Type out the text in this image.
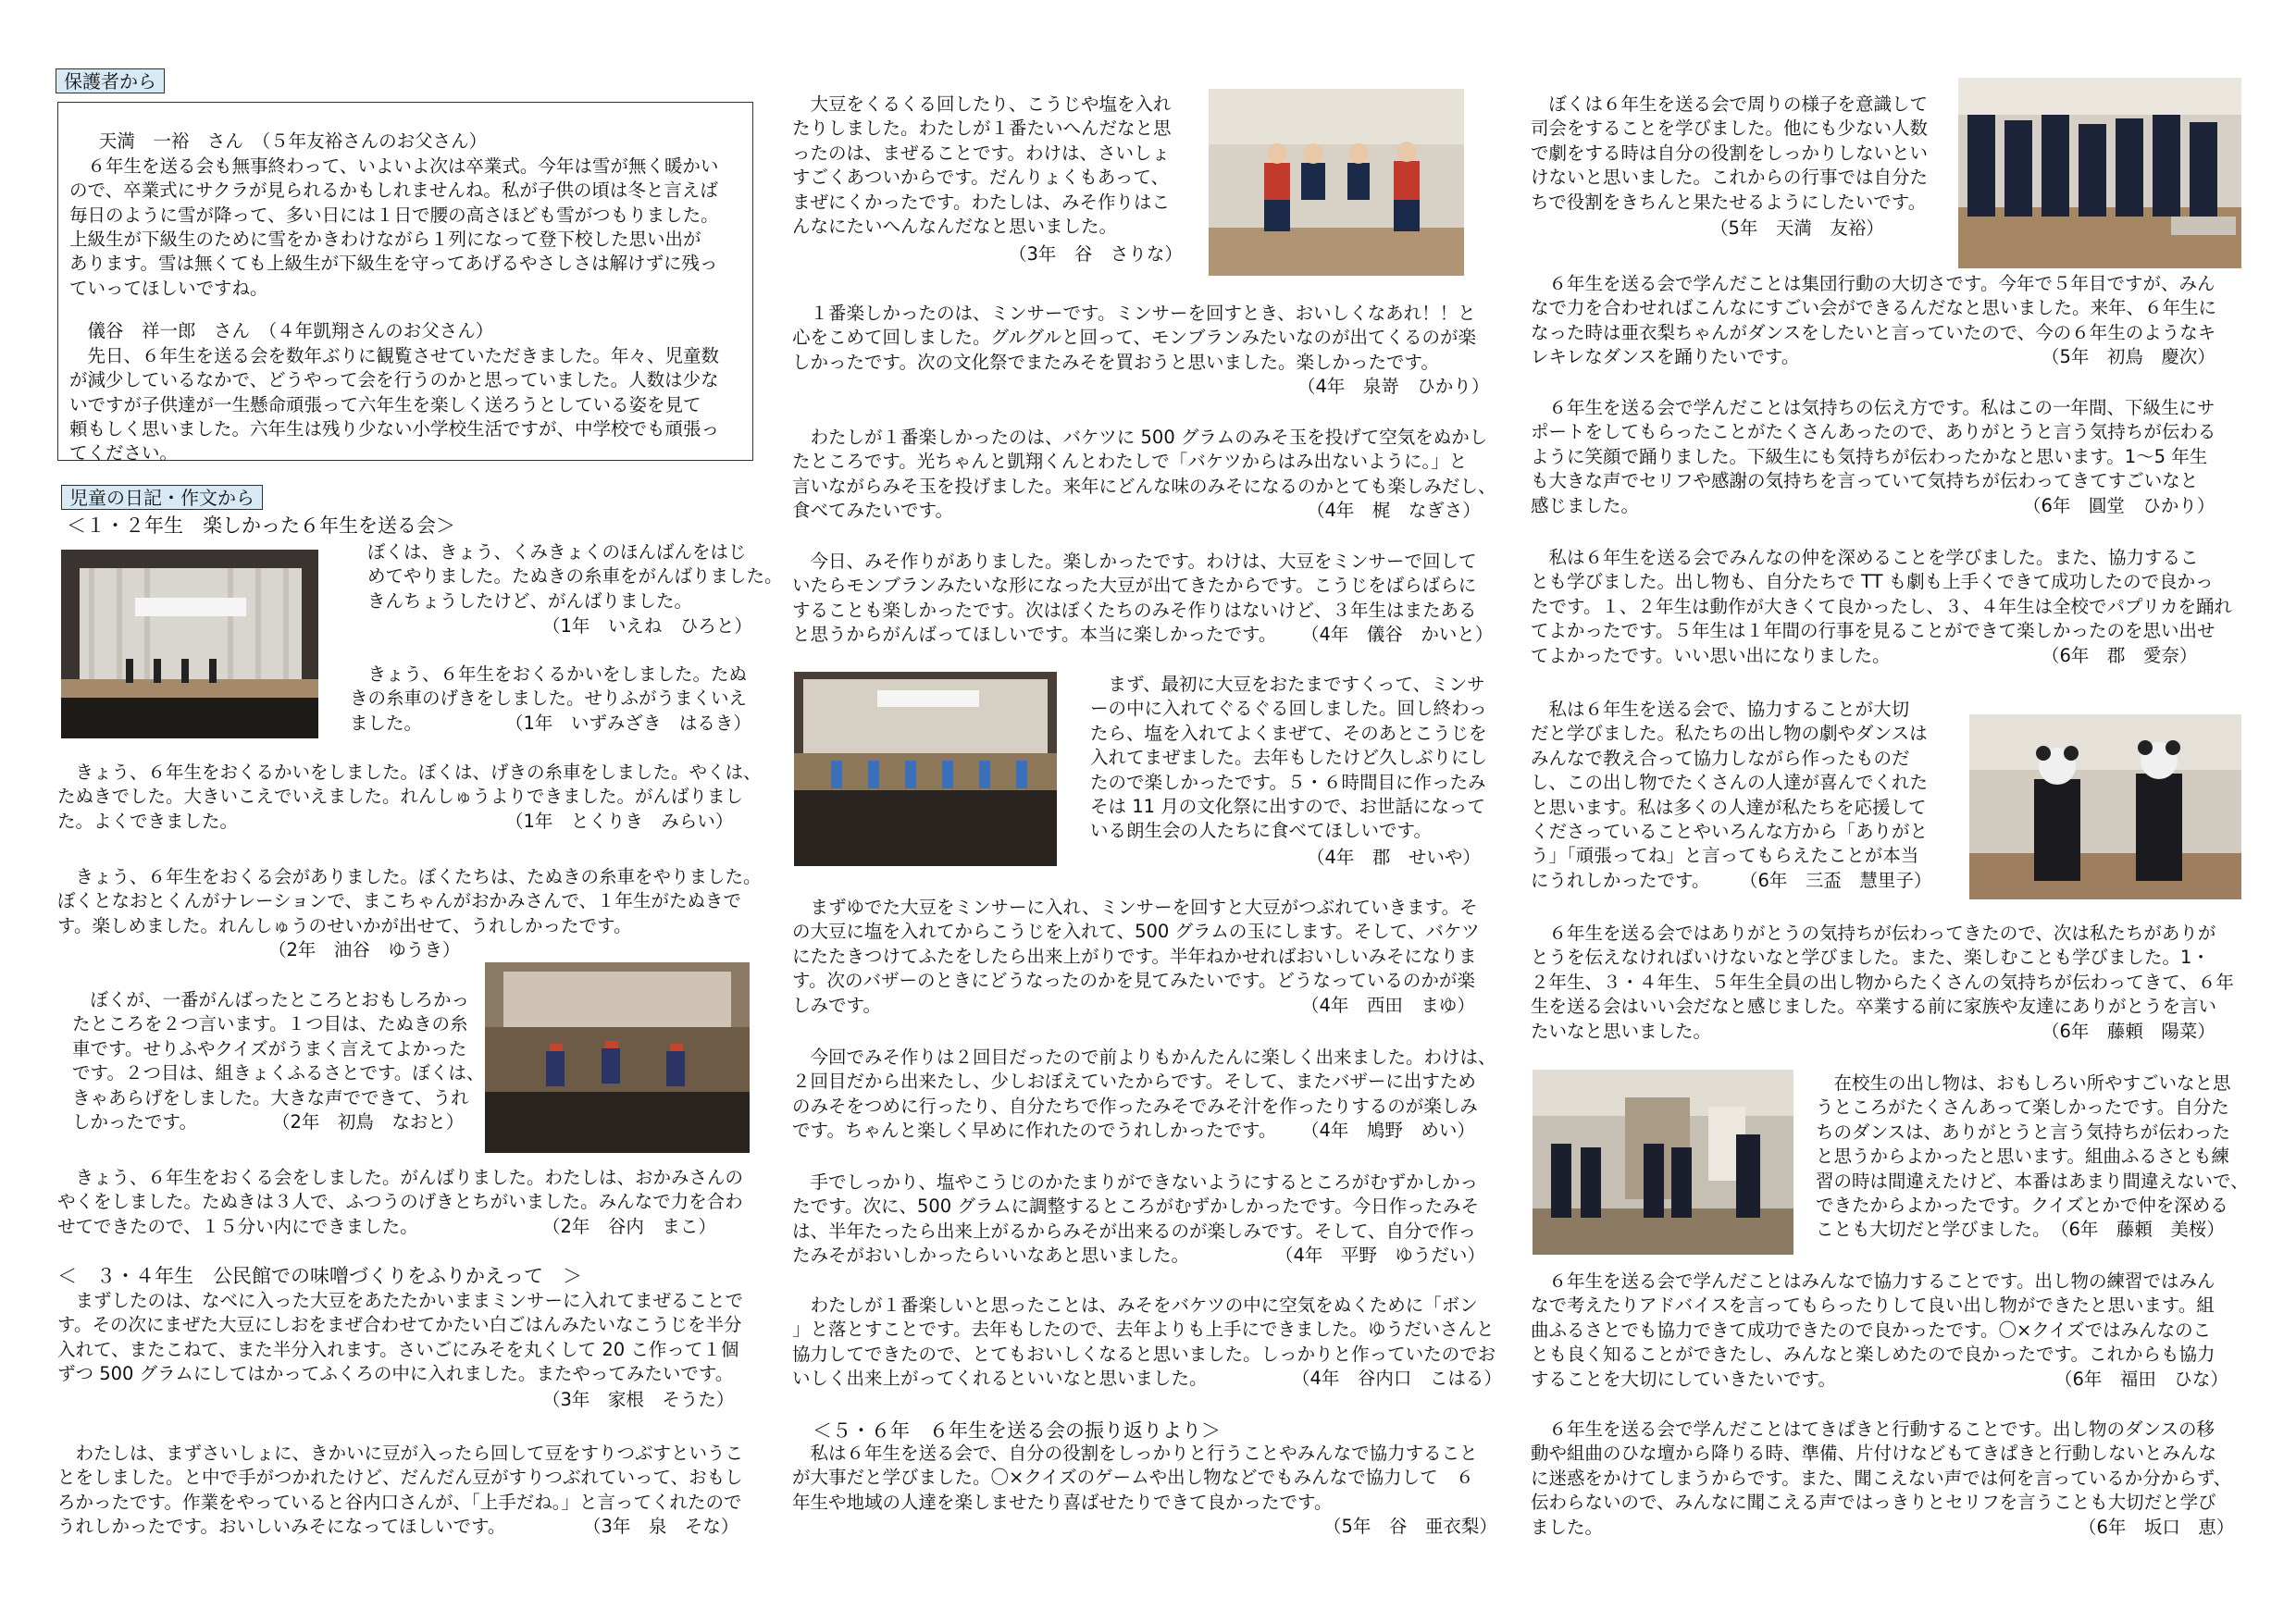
保護者から

　天満　一裕　さん　（５年友裕さんのお父さん）
　６年生を送る会も無事終わって、いよいよ次は卒業式。今年は雪が無く暖かい
ので、卒業式にサクラが見られるかもしれませんね。私が子供の頃は冬と言えば
毎日のように雪が降って、多い日には１日で腰の高さほども雪がつもりました。
上級生が下級生のために雪をかきわけながら１列になって登下校した思い出が
あります。雪は無くても上級生が下級生を守ってあげるやさしさは解けずに残っ
ていってほしいですね。

　儀谷　祥一郎　さん　（４年凱翔さんのお父さん）
　先日、６年生を送る会を数年ぶりに観覧させていただきました。年々、児童数
が減少しているなかで、どうやって会を行うのかと思っていました。人数は少な
いですが子供達が一生懸命頑張って六年生を楽しく送ろうとしている姿を見て
頼もしく思いました。六年生は残り少ない小学校生活ですが、中学校でも頑張っ
てください。

児童の日記・作文から
＜１・２年生　楽しかった６年生を送る会＞
ぼくは、きょう、くみきょくのほんばんをはじ
めてやりました。たぬきの糸車をがんばりました。
きんちょうしたけど、がんばりました。
（1年　いえね　ひろと）
　きょう、６年生をおくるかいをしました。たぬ
きの糸車のげきをしました。せりふがうまくいえ
ました。	（1年　いずみざき　はるき）
　きょう、６年生をおくるかいをしました。ぼくは、げきの糸車をしました。やくは、
たぬきでした。大きいこえでいえました。れんしゅうよりできました。がんばりまし
た。よくできました。	（1年　とくりき　みらい）
　きょう、６年生をおくる会がありました。ぼくたちは、たぬきの糸車をやりました。
ぼくとなおとくんがナレーションで、まこちゃんがおかみさんで、１年生がたぬきで
す。楽しめました。れんしゅうのせいかが出せて、うれしかったです。
（2年　油谷　ゆうき）
　ぼくが、一番がんばったところとおもしろかっ
たところを２つ言います。１つ目は、たぬきの糸
車です。せりふやクイズがうまく言えてよかった
です。２つ目は、組きょくふるさとです。ぼくは、
きゃあらげをしました。大きな声でできて、うれ
しかったです。	（2年　初鳥　なおと）
　きょう、６年生をおくる会をしました。がんばりました。わたしは、おかみさんの
やくをしました。たぬきは３人で、ふつうのげきとちがいました。みんなで力を合わ
せてできたので、１５分い内にできました。	（2年　谷内　まこ）
＜　３・４年生　公民館での味噌づくりをふりかえって　＞
　まずしたのは、なべに入った大豆をあたたかいままミンサーに入れてまぜることで
す。その次にまぜた大豆にしおをまぜ合わせてかたい白ごはんみたいなこうじを半分
入れて、またこねて、また半分入れます。さいごにみそを丸くして 20 こ作って１個
ずつ 500 グラムにしてはかってふくろの中に入れました。またやってみたいです。
（3年　家根　そうた）
　わたしは、まずさいしょに、きかいに豆が入ったら回して豆をすりつぶすというこ
とをしました。と中で手がつかれたけど、だんだん豆がすりつぶれていって、おもし
ろかったです。作業をやっていると谷内口さんが、「上手だね。」と言ってくれたので
うれしかったです。おいしいみそになってほしいです。	（3年　泉　そな）
　大豆をくるくる回したり、こうじや塩を入れ
たりしました。わたしが１番たいへんだなと思
ったのは、まぜることです。わけは、さいしょ
すごくあついからです。だんりょくもあって、
まぜにくかったです。わたしは、みそ作りはこ
んなにたいへんなんだなと思いました。
（3年　谷　さりな）
　１番楽しかったのは、ミンサーです。ミンサーを回すとき、おいしくなあれ！！と
心をこめて回しました。グルグルと回って、モンブランみたいなのが出てくるのが楽
しかったです。次の文化祭でまたみそを買おうと思いました。楽しかったです。
（4年　泉嵜　ひかり）
　わたしが１番楽しかったのは、バケツに 500 グラムのみそ玉を投げて空気をぬかし
たところです。光ちゃんと凱翔くんとわたしで「バケツからはみ出ないように。」と
言いながらみそ玉を投げました。来年にどんな味のみそになるのかとても楽しみだし、
食べてみたいです。	（4年　梶　なぎさ）
　今日、みそ作りがありました。楽しかったです。わけは、大豆をミンサーで回して
いたらモンブランみたいな形になった大豆が出てきたからです。こうじをばらばらに
することも楽しかったです。次はぼくたちのみそ作りはないけど、３年生はまたある
と思うからがんばってほしいです。本当に楽しかったです。	（4年　儀谷　かいと）
　まず、最初に大豆をおたまですくって、ミンサ
ーの中に入れてぐるぐる回しました。回し終わっ
たら、塩を入れてよくまぜて、そのあとこうじを
入れてまぜました。去年もしたけど久しぶりにし
たので楽しかったです。５・６時間目に作ったみ
そは 11 月の文化祭に出すので、お世話になって
いる朗生会の人たちに食べてほしいです。
（4年　郡　せいや）
　まずゆでた大豆をミンサーに入れ、ミンサーを回すと大豆がつぶれていきます。そ
の大豆に塩を入れてからこうじを入れて、500 グラムの玉にします。そして、バケツ
にたたきつけてふたをしたら出来上がりです。半年ねかせればおいしいみそになりま
す。次のバザーのときにどうなったのかを見てみたいです。どうなっているのかが楽
しみです。	（4年　西田　まゆ）
　今回でみそ作りは２回目だったので前よりもかんたんに楽しく出来ました。わけは、
２回目だから出来たし、少しおぼえていたからです。そして、またバザーに出すため
のみそをつめに行ったり、自分たちで作ったみそでみそ汁を作ったりするのが楽しみ
です。ちゃんと楽しく早めに作れたのでうれしかったです。	（4年　鳩野　めい）
　手でしっかり、塩やこうじのかたまりができないようにするところがむずかしかっ
たです。次に、500 グラムに調整するところがむずかしかったです。今日作ったみそ
は、半年たったら出来上がるからみそが出来るのが楽しみです。そして、自分で作っ
たみそがおいしかったらいいなあと思いました。	（4年　平野　ゆうだい）
　わたしが１番楽しいと思ったことは、みそをバケツの中に空気をぬくために「ボン
」と落とすことです。去年もしたので、去年よりも上手にできました。ゆうだいさんと
協力してできたので、とてもおいしくなると思いました。しっかりと作っていたのでお
いしく出来上がってくれるといいなと思いました。	（4年　谷内口　こはる）
＜５・６年　６年生を送る会の振り返りより＞
　私は６年生を送る会で、自分の役割をしっかりと行うことやみんなで協力すること
が大事だと学びました。〇×クイズのゲームや出し物などでもみんなで協力して　６
年生や地域の人達を楽しませたり喜ばせたりできて良かったです。
（5年　谷　亜衣梨）
　ぼくは６年生を送る会で周りの様子を意識して
司会をすることを学びました。他にも少ない人数
で劇をする時は自分の役割をしっかりしないとい
けないと思いました。これからの行事では自分た
ちで役割をきちんと果たせるようにしたいです。
（5年　天満　友裕）
　６年生を送る会で学んだことは集団行動の大切さです。今年で５年目ですが、みん
なで力を合わせればこんなにすごい会ができるんだなと思いました。来年、６年生に
なった時は亜衣梨ちゃんがダンスをしたいと言っていたので、今の６年生のようなキ
レキレなダンスを踊りたいです。	（5年　初鳥　慶次）
　６年生を送る会で学んだことは気持ちの伝え方です。私はこの一年間、下級生にサ
ポートをしてもらったことがたくさんあったので、ありがとうと言う気持ちが伝わる
ように笑顔で踊りました。下級生にも気持ちが伝わったかなと思います。1～5 年生
も大きな声でセリフや感謝の気持ちを言っていて気持ちが伝わってきてすごいなと
感じました。	（6年　圓堂　ひかり）
　私は６年生を送る会でみんなの仲を深めることを学びました。また、協力するこ
とも学びました。出し物も、自分たちで TT も劇も上手くできて成功したので良かっ
たです。１、２年生は動作が大きくて良かったし、３、４年生は全校でパプリカを踊れ
てよかったです。５年生は１年間の行事を見ることができて楽しかったのを思い出せ
てよかったです。いい思い出になりました。	（6年　郡　愛奈）
　私は６年生を送る会で、協力することが大切
だと学びました。私たちの出し物の劇やダンスは
みんなで教え合って協力しながら作ったものだ
し、この出し物でたくさんの人達が喜んでくれた
と思います。私は多くの人達が私たちを応援して
くださっていることやいろんな方から「ありがと
う」「頑張ってね」と言ってもらえたことが本当
にうれしかったです。	（6年　三盃　慧里子）
　６年生を送る会ではありがとうの気持ちが伝わってきたので、次は私たちがありが
とうを伝えなければいけないなと学びました。また、楽しむことも学びました。1・
２年生、３・４年生、５年生全員の出し物からたくさんの気持ちが伝わってきて、６年
生を送る会はいい会だなと感じました。卒業する前に家族や友達にありがとうを言い
たいなと思いました。	（6年　藤頼　陽菜）
　在校生の出し物は、おもしろい所やすごいなと思
うところがたくさんあって楽しかったです。自分た
ちのダンスは、ありがとうと言う気持ちが伝わった
と思うからよかったと思います。組曲ふるさとも練
習の時は間違えたけど、本番はあまり間違えないで、
できたからよかったです。クイズとかで仲を深める
ことも大切だと学びました。 （6年　藤頼　美桜）
　６年生を送る会で学んだことはみんなで協力することです。出し物の練習ではみん
なで考えたりアドバイスを言ってもらったりして良い出し物ができたと思います。組
曲ふるさとでも協力できて成功できたので良かったです。〇×クイズではみんなのこ
とも良く知ることができたし、みんなと楽しめたので良かったです。これからも協力
することを大切にしていきたいです。	（6年　福田　ひな）
　６年生を送る会で学んだことはてきぱきと行動することです。出し物のダンスの移
動や組曲のひな壇から降りる時、準備、片付けなどもてきぱきと行動しないとみんな
に迷惑をかけてしまうからです。また、聞こえない声では何を言っているか分からず、
伝わらないので、みんなに聞こえる声ではっきりとセリフを言うことも大切だと学び
ました。	（6年　坂口　恵）
